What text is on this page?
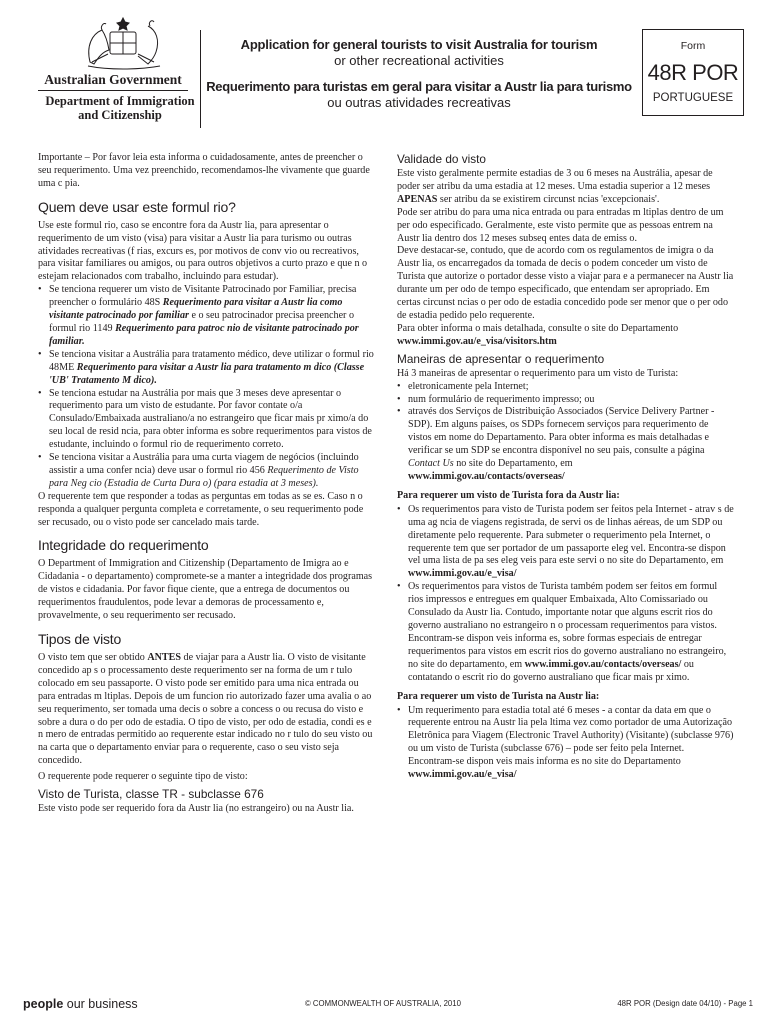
Australian Government
Department of Immigration
and Citizenship
Application for general tourists to visit Australia for tourism
or other recreational activities
Requerimento para turistas em geral para visitar a Austr lia para turismo
ou outras atividades recreativas
Form
48R POR
PORTUGUESE

Importante – Por favor leia esta informa o cuidadosamente, antes de preencher o seu requerimento. Uma vez preenchido, recomendamos-lhe vivamente que guarde uma c pia.

Quem deve usar este formul rio?

Use este formul rio, caso se encontre fora da Austr lia, para apresentar o requerimento de um visto (visa) para visitar a Austr lia para turismo ou outras atividades recreativas (f rias, excurs es, por motivos de conv vio ou recreativos, para visitar familiares ou amigos, ou para outros objetivos a curto prazo e que n o estejam relacionados com trabalho, incluindo para estudar).

• Se tenciona requerer um visto de Visitante Patrocinado por Familiar, precisa preencher o formulário 48S Requerimento para visitar a Austr lia como visitante patrocinado por familiar e o seu patrocinador precisa preencher o formul rio 1149 Requerimento para patroc nio de visitante patrocinado por familiar.
• Se tenciona visitar a Austrália para tratamento médico, deve utilizar o formul rio 48ME Requerimento para visitar a Austr lia para tratamento m dico (Classe 'UB' Tratamento M dico).
• Se tenciona estudar na Austrália por mais que 3 meses deve apresentar o requerimento para um visto de estudante. Por favor contate o/a Consulado/Embaixada australiano/a no estrangeiro que ficar mais pr ximo/a do seu local de resid ncia, para obter informa es sobre requerimentos para vistos de estudante, incluindo o formul rio de requerimento correto.
• Se tenciona visitar a Austrália para uma curta viagem de negócios (incluindo assistir a uma confer ncia) deve usar o formul rio 456 Requerimento de Visto para Neg cio (Estadia de Curta Dura o) (para estadia at 3 meses).

O requerente tem que responder a todas as perguntas em todas as se es. Caso n o responda a qualquer pergunta completa e corretamente, o seu requerimento pode ser recusado, ou o visto pode ser cancelado mais tarde.

Integridade do requerimento

O Department of Immigration and Citizenship (Departamento de Imigra ao e Cidadania - o departamento) compromete-se a manter a integridade dos programas de vistos e cidadania. Por favor fique ciente, que a entrega de documentos ou requerimentos fraudulentos, pode levar a demoras de processamento e, provavelmente, o seu requerimento ser recusado.

Tipos de visto

O visto tem que ser obtido ANTES de viajar para a Austr lia. O visto de visitante concedido ap s o processamento deste requerimento ser na forma de um r tulo colocado em seu passaporte. O visto pode ser emitido para uma nica entrada ou para entradas m ltiplas. Depois de um funcion rio autorizado fazer uma avalia o ao seu requerimento, ser tomada uma decis o sobre a concess o ou recusa do visto e sobre a dura o do per odo de estadia. O tipo de visto, per odo de estadia, condi es e n mero de entradas permitido ao requerente estar indicado no r tulo do seu visto ou na carta que o departamento enviar para o requerente, caso o seu visto seja concedido.

O requerente pode requerer o seguinte tipo de visto:

Visto de Turista, classe TR - subclasse 676

Este visto pode ser requerido fora da Austr lia (no estrangeiro) ou na Austr lia.

Validade do visto

Este visto geralmente permite estadias de 3 ou 6 meses na Austrália, apesar de poder ser atribu da uma estadia at 12 meses. Uma estadia superior a 12 meses APENAS ser atribu da se existirem circunst ncias 'excepcionais'.

Pode ser atribu do para uma nica entrada ou para entradas m ltiplas dentro de um per odo especificado. Geralmente, este visto permite que as pessoas entrem na Austr lia dentro dos 12 meses subseq entes data de emiss o.

Deve destacar-se, contudo, que de acordo com os regulamentos de imigra o da Austr lia, os encarregados da tomada de decis o podem conceder um visto de Turista que autorize o portador desse visto a viajar para e a permanecer na Austr lia durante um per odo de tempo especificado, que entendam ser apropriado. Em certas circunst ncias o per odo de estadia concedido pode ser menor que o per odo de estadia pedido pelo requerente.

Para obter informa o mais detalhada, consulte o site do Departamento

www.immi.gov.au/e_visa/visitors.htm

Maneiras de apresentar o requerimento

Há 3 maneiras de apresentar o requerimento para um visto de Turista:

• eletronicamente pela Internet;
• num formulário de requerimento impresso; ou
• através dos Serviços de Distribuição Associados (Service Delivery Partner - SDP). Em alguns países, os SDPs fornecem serviços para requerimento de vistos em nome do Departamento. Para obter informa es mais detalhadas e verificar se um SDP se encontra disponível no seu pais, consulte a página Contact Us no site do Departamento, em
www.immi.gov.au/contacts/overseas/
Para requerer um visto de Turista fora da Austr lia:
• Os requerimentos para visto de Turista podem ser feitos pela Internet - atrav s de uma ag ncia de viagens registrada, de servi os de linhas aéreas, de um SDP ou diretamente pelo requerente. Para submeter o requerimento pela Internet, o requerente tem que ser portador de um passaporte eleg vel. Encontra-se dispon vel uma lista de pa ses eleg veis para este servi o no site do Departamento, em
www.immi.gov.au/e_visa/
• Os requerimentos para vistos de Turista também podem ser feitos em formul rios impressos e entregues em qualquer Embaixada, Alto Comissariado ou Consulado da Austr lia. Contudo, importante notar que alguns escrit rios do governo australiano no estrangeiro n o processam requerimentos para vistos. Encontram-se dispon veis informa es, sobre formas especiais de entregar requerimentos para vistos em escrit rios do governo australiano no estrangeiro, no site do departamento, em www.immi.gov.au/contacts/overseas/ ou contatando o escrit rio do governo australiano que ficar mais pr ximo.
Para requerer um visto de Turista na Austr lia:
• Um requerimento para estadia total até 6 meses - a contar da data em que o requerente entrou na Austr lia pela ltima vez como portador de uma Autorização Eletrônica para Viagem (Electronic Travel Authority) (Visitante) (subclasse 976) ou um visto de Turista (subclasse 676) – pode ser feito pela Internet. Encontram-se dispon veis mais informa es no site do Departamento www.immi.gov.au/e_visa/
people our business	© COMMONWEALTH OF AUSTRALIA, 2010	48R POR (Design date 04/10) - Page 1
